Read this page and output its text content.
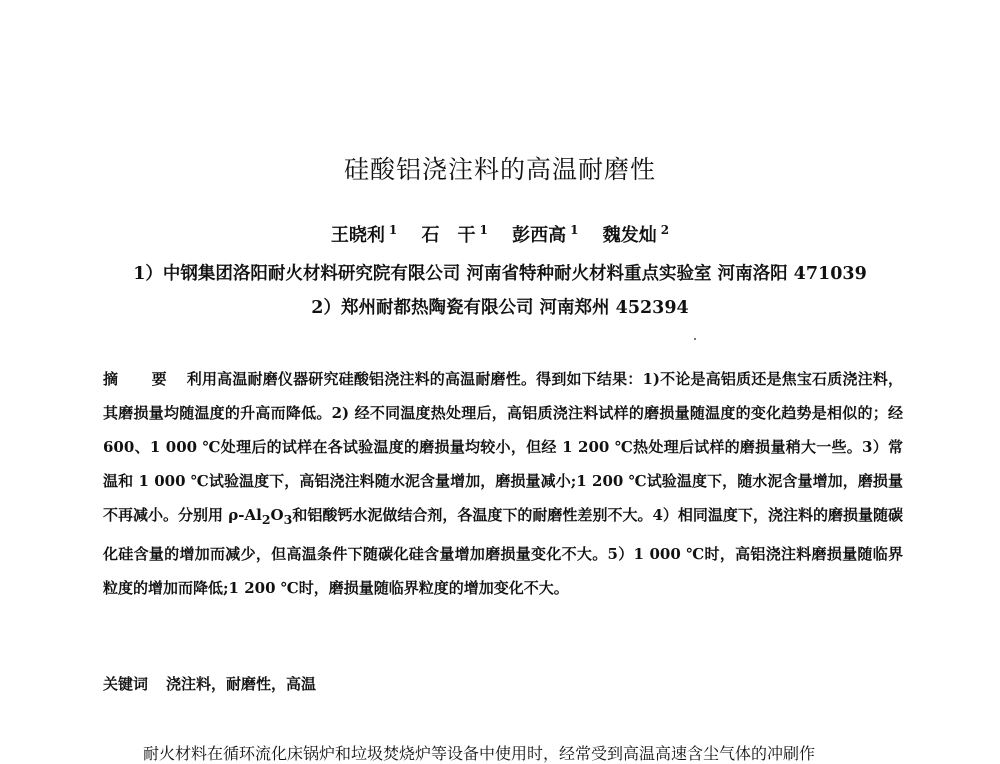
硅酸铝浇注料的高温耐磨性
王晓利 $^1$ 石　干 $^1$ 彭西高 $^1$ 魏发灿 $^2$
1）中钢集团洛阳耐火材料研究院有限公司 河南省特种耐火材料重点实验室 河南洛阳 471039
2）郑州耐都热陶瓷有限公司 河南郑州 452394
摘 要 利用高温耐磨仪器研究硅酸铝浇注料的高温耐磨性。得到如下结果：1)不论是高铝质还是焦宝石质浇注料，其磨损量均随温度的升高而降低。2) 经不同温度热处理后，高铝质浇注料试样的磨损量随温度的变化趋势是相似的；经 600、1 000 ℃处理后的试样在各试验温度的磨损量均较小，但经 1 200 ℃热处理后试样的磨损量稍大一些。3）常温和 1 000 ℃试验温度下，高铝浇注料随水泥含量增加，磨损量减小;1 200 ℃试验温度下，随水泥含量增加，磨损量不再减小。分别用 $\rho-Al_2O_3$和铝酸钙水泥做结合剂，各温度下的耐磨性差别不大。4）相同温度下，浇注料的磨损量随碳化硅含量的增加而减少，但高温条件下随碳化硅含量增加磨损量变化不大。5）1 000 ℃时，高铝浇注料磨损量随临界粒度的增加而降低;1 200 ℃时，磨损量随临界粒度的增加变化不大。
关键词 浇注料，耐磨性，高温
耐火材料在循环流化床锅炉和垃圾焚烧炉等设备中使用时，经常受到高温高速含尘气体的冲刷作
